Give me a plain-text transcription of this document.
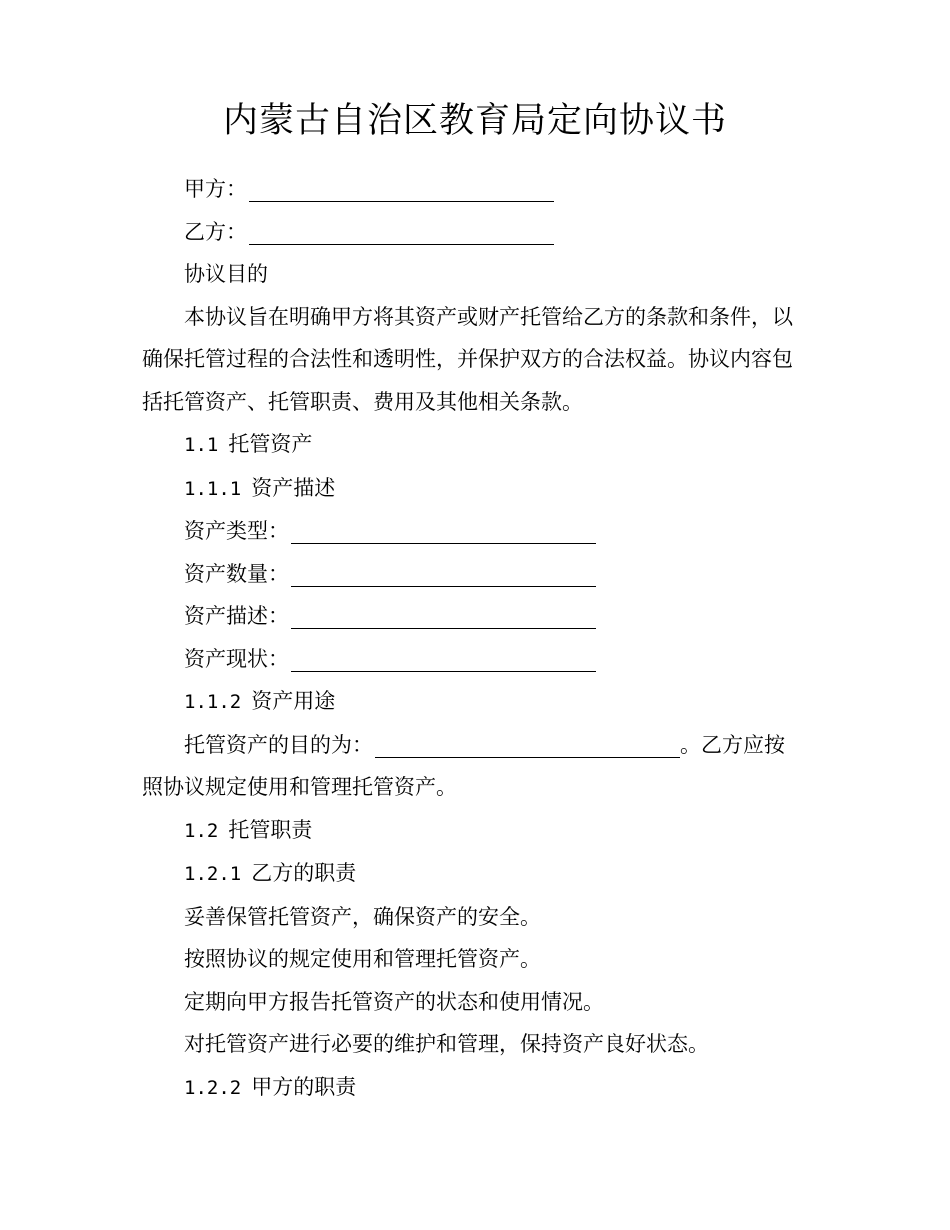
内蒙古自治区教育局定向协议书

甲方：

乙方：

协议目的

本协议旨在明确甲方将其资产或财产托管给乙方的条款和条件，以确保托管过程的合法性和透明性，并保护双方的合法权益。协议内容包括托管资产、托管职责、费用及其他相关条款。

1.1 托管资产

1.1.1 资产描述

资产类型：

资产数量：

资产描述：

资产现状：

1.1.2 资产用途

托管资产的目的为：	。乙方应按照协议规定使用和管理托管资产。

1.2 托管职责

1.2.1 乙方的职责

妥善保管托管资产，确保资产的安全。

按照协议的规定使用和管理托管资产。

定期向甲方报告托管资产的状态和使用情况。

对托管资产进行必要的维护和管理，保持资产良好状态。

1.2.2 甲方的职责
